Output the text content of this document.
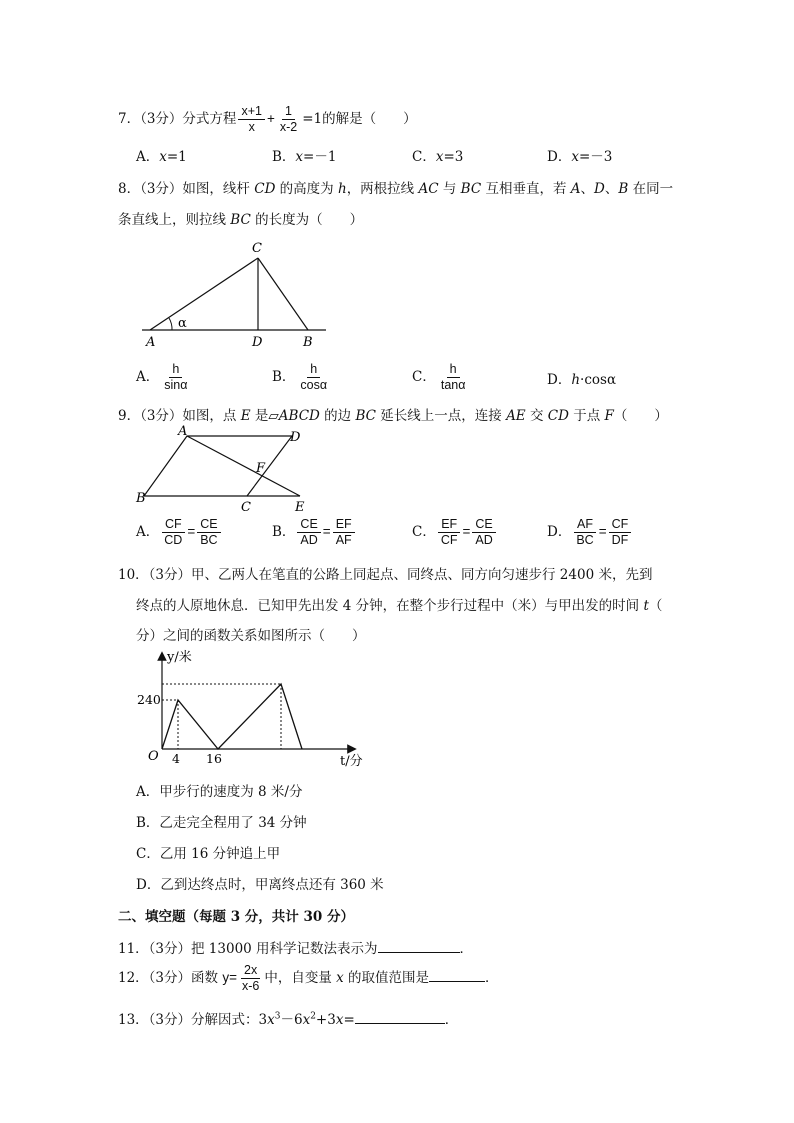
7．（3分）分式方程 $\frac{x+1}{x} + \frac{1}{x-2} =1$的解是（　　）
A．x=1	B．x=－1	C．x=3	D．x=－3
8．（3分）如图，线杆 CD 的高度为 h，两根拉线 AC 与 BC 互相垂直，若 A、D、B 在同一
条直线上，则拉线 BC 的长度为（　　）
α
C
A	D	B
A． $\frac{h}{\sin\alpha}$	B． $\frac{h}{\cos\alpha}$	C． $\frac{h}{\tan\alpha}$	D．h·cosα
9．（3分）如图，点 E 是▱ABCD 的边 BC 延长线上一点，连接 AE 交 CD 于点 F（　　）
A	D
F
B
C	E
A． $\frac{CF}{CD} = \frac{CE}{BC}$	B． $\frac{CE}{AD} = \frac{EF}{AF}$	C． $\frac{EF}{CF} = \frac{CE}{AD}$	D． $\frac{AF}{BC} = \frac{CF}{DF}$
10．（3分）甲、乙两人在笔直的公路上同起点、同终点、同方向匀速步行 2400 米，先到
终点的人原地休息．已知甲先出发 4 分钟，在整个步行过程中（米）与甲出发的时间 t（
分）之间的函数关系如图所示（　　）
y/米
t/分
240
O 4 16
A．甲步行的速度为 8 米/分
B．乙走完全程用了 34 分钟
C．乙用 16 分钟追上甲
D．乙到达终点时，甲离终点还有 360 米
二、填空题（每题 3 分，共计 30 分）
11．（3分）把 13000 用科学记数法表示为	．
12．（3分）函数 $y= \frac{2x}{x-6}$ 中，自变量 x 的取值范围是	．
13．（3分）分解因式：$3x^3-6x^2+3x=$	．
